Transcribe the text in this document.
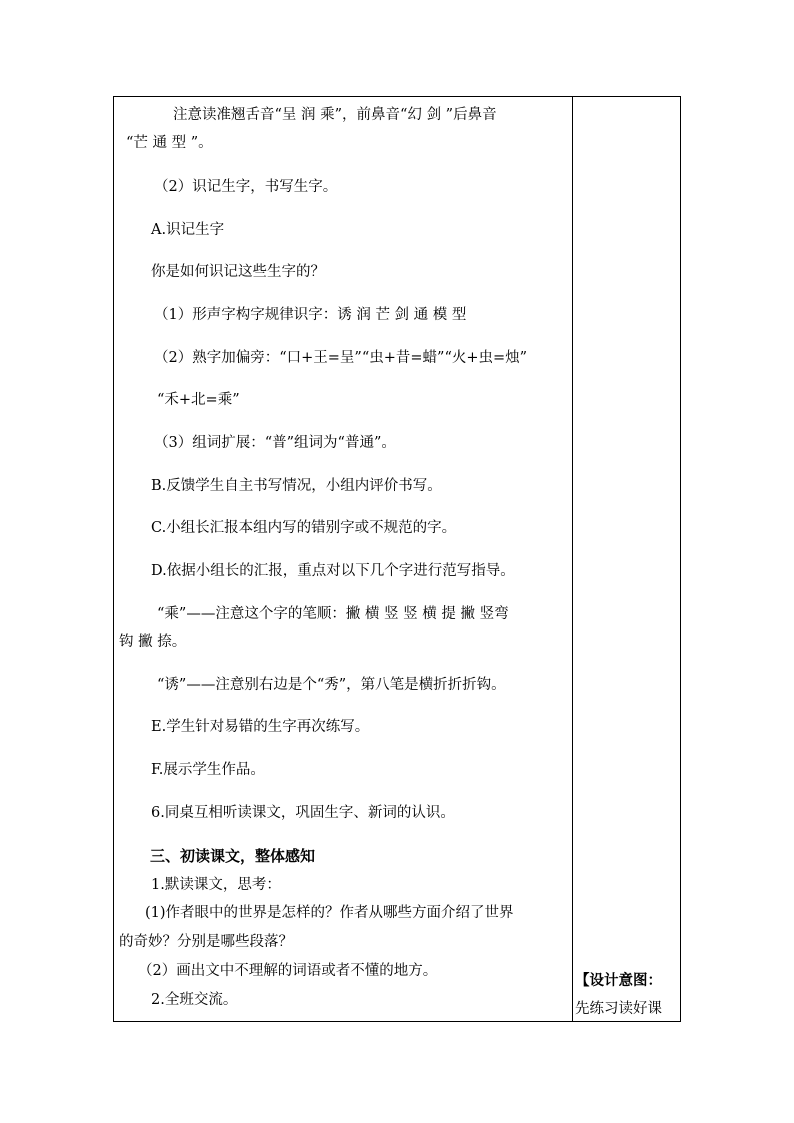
注意读准翘舌音“呈 润 乘”，前鼻音“幻 剑 ”后鼻音
“芒 通 型 ”。
（2）识记生字，书写生字。
A.识记生字
你是如何识记这些生字的？
（1）形声字构字规律识字：诱 润 芒 剑 通 模 型
（2）熟字加偏旁：“口+王=呈”“虫+昔=蜡”“火+虫=烛”
“禾+北=乘”
（3）组词扩展：“普”组词为“普通”。
B.反馈学生自主书写情况，小组内评价书写。
C.小组长汇报本组内写的错别字或不规范的字。
D.依据小组长的汇报，重点对以下几个字进行范写指导。
“乘”——注意这个字的笔顺：撇 横 竖 竖 横 提 撇 竖弯
钩 撇 捺。
“诱”——注意别右边是个“秀”，第八笔是横折折折钩。
E.学生针对易错的生字再次练写。
F.展示学生作品。
6.同桌互相听读课文，巩固生字、新词的认识。
三、初读课文，整体感知
1.默读课文，思考：
(1)作者眼中的世界是怎样的？作者从哪些方面介绍了世界
的奇妙？分别是哪些段落？
（2）画出文中不理解的词语或者不懂的地方。
2.全班交流。
【设计意图：
先练习读好课
